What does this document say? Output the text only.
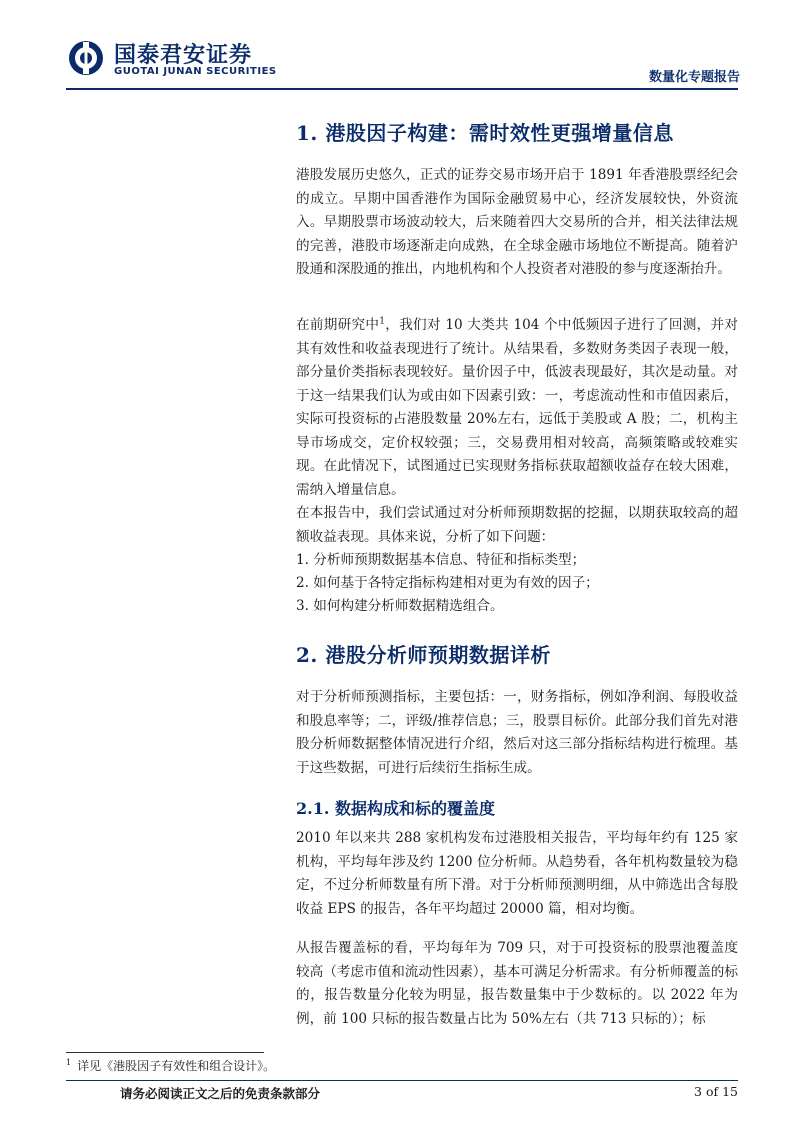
国泰君安证券
GUOTAI JUNAN SECURITIES	数量化专题报告
1. 港股因子构建：需时效性更强增量信息

港股发展历史悠久，正式的证券交易市场开启于 1891 年香港股票经纪会的成立。早期中国香港作为国际金融贸易中心，经济发展较快，外资流入。早期股票市场波动较大，后来随着四大交易所的合并，相关法律法规的完善，港股市场逐渐走向成熟，在全球金融市场地位不断提高。随着沪股通和深股通的推出，内地机构和个人投资者对港股的参与度逐渐抬升。

在前期研究中$^1$，我们对 10 大类共 104 个中低频因子进行了回测，并对其有效性和收益表现进行了统计。从结果看，多数财务类因子表现一般，部分量价类指标表现较好。量价因子中，低波表现最好，其次是动量。对于这一结果我们认为或由如下因素引致：一，考虑流动性和市值因素后，实际可投资标的占港股数量 20%左右，远低于美股或 A 股；二，机构主导市场成交，定价权较强；三，交易费用相对较高，高频策略或较难实现。在此情况下，试图通过已实现财务指标获取超额收益存在较大困难，需纳入增量信息。

在本报告中，我们尝试通过对分析师预期数据的挖掘，以期获取较高的超额收益表现。具体来说，分析了如下问题：

1. 分析师预期数据基本信息、特征和指标类型；

2. 如何基于各特定指标构建相对更为有效的因子；

3. 如何构建分析师数据精选组合。

2. 港股分析师预期数据详析

对于分析师预测指标，主要包括：一，财务指标，例如净利润、每股收益和股息率等；二，评级/推荐信息；三，股票目标价。此部分我们首先对港股分析师数据整体情况进行介绍，然后对这三部分指标结构进行梳理。基于这些数据，可进行后续衍生指标生成。

2.1. 数据构成和标的覆盖度

2010 年以来共 288 家机构发布过港股相关报告，平均每年约有 125 家机构，平均每年涉及约 1200 位分析师。从趋势看，各年机构数量较为稳定，不过分析师数量有所下滑。对于分析师预测明细，从中筛选出含每股收益 EPS 的报告，各年平均超过 20000 篇，相对均衡。

从报告覆盖标的看，平均每年为 709 只，对于可投资标的股票池覆盖度较高（考虑市值和流动性因素），基本可满足分析需求。有分析师覆盖的标的，报告数量分化较为明显，报告数量集中于少数标的。以 2022 年为例，前 100 只标的报告数量占比为 50%左右（共 713 只标的）；标

$^1$ 详见《港股因子有效性和组合设计》。
请务必阅读正文之后的免责条款部分	3 of 15
